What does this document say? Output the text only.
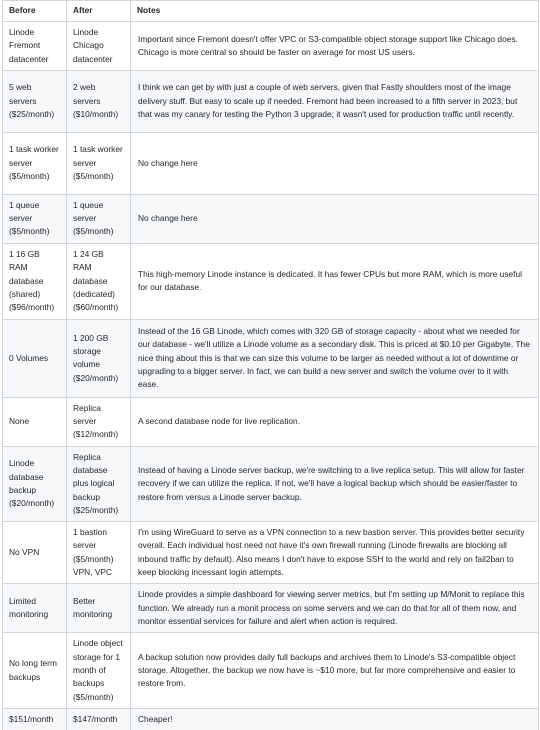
Before	After	Notes
Linode Fremont datacenter	Linode Chicago datacenter	Important since Fremont doesn't offer VPC or S3-compatible object storage support like Chicago does. Chicago is more central so should be faster on average for most US users.
5 web servers ($25/month)	2 web servers ($10/month)	I think we can get by with just a couple of web servers, given that Fastly shoulders most of the image delivery stuff. But easy to scale up if needed. Fremont had been increased to a fifth server in 2023, but that was my canary for testing the Python 3 upgrade; it wasn't used for production traffic until recently.
1 task worker server ($5/month)	1 task worker server ($5/month)	No change here
1 queue server ($5/month)	1 queue server ($5/month)	No change here
1 16 GB RAM database (shared) ($96/month)	1 24 GB RAM database (dedicated) ($60/month)	This high-memory Linode instance is dedicated. It has fewer CPUs but more RAM, which is more useful for our database.
0 Volumes	1 200 GB storage volume ($20/month)	Instead of the 16 GB Linode, which comes with 320 GB of storage capacity - about what we needed for our database - we'll utilize a Linode volume as a secondary disk. This is priced at $0.10 per Gigabyte. The nice thing about this is that we can size this volume to be larger as needed without a lot of downtime or upgrading to a bigger server. In fact, we can build a new server and switch the volume over to it with ease.
None	Replica server ($12/month)	A second database node for live replication.
Linode database backup ($20/month)	Replica database plus logical backup ($25/month)	Instead of having a Linode server backup, we're switching to a live replica setup. This will allow for faster recovery if we can utilize the replica. If not, we'll have a logical backup which should be easier/faster to restore from versus a Linode server backup.
No VPN	1 bastion server ($5/month) VPN, VPC	I'm using WireGuard to serve as a VPN connection to a new bastion server. This provides better security overall. Each individual host need not have it's own firewall running (Linode firewalls are blocking all inbound traffic by default). Also means I don't have to expose SSH to the world and rely on fail2ban to keep blocking incessant login attempts.
Limited monitoring	Better monitoring	Linode provides a simple dashboard for viewing server metrics, but I'm setting up M/Monit to replace this function. We already run a monit process on some servers and we can do that for all of them now, and monitor essential services for failure and alert when action is required.
No long term backups	Linode object storage for 1 month of backups ($5/month)	A backup solution now provides daily full backups and archives them to Linode's S3-compatible object storage. Altogether, the backup we now have is ~$10 more, but far more comprehensive and easier to restore from.
$151/month	$147/month	Cheaper!
